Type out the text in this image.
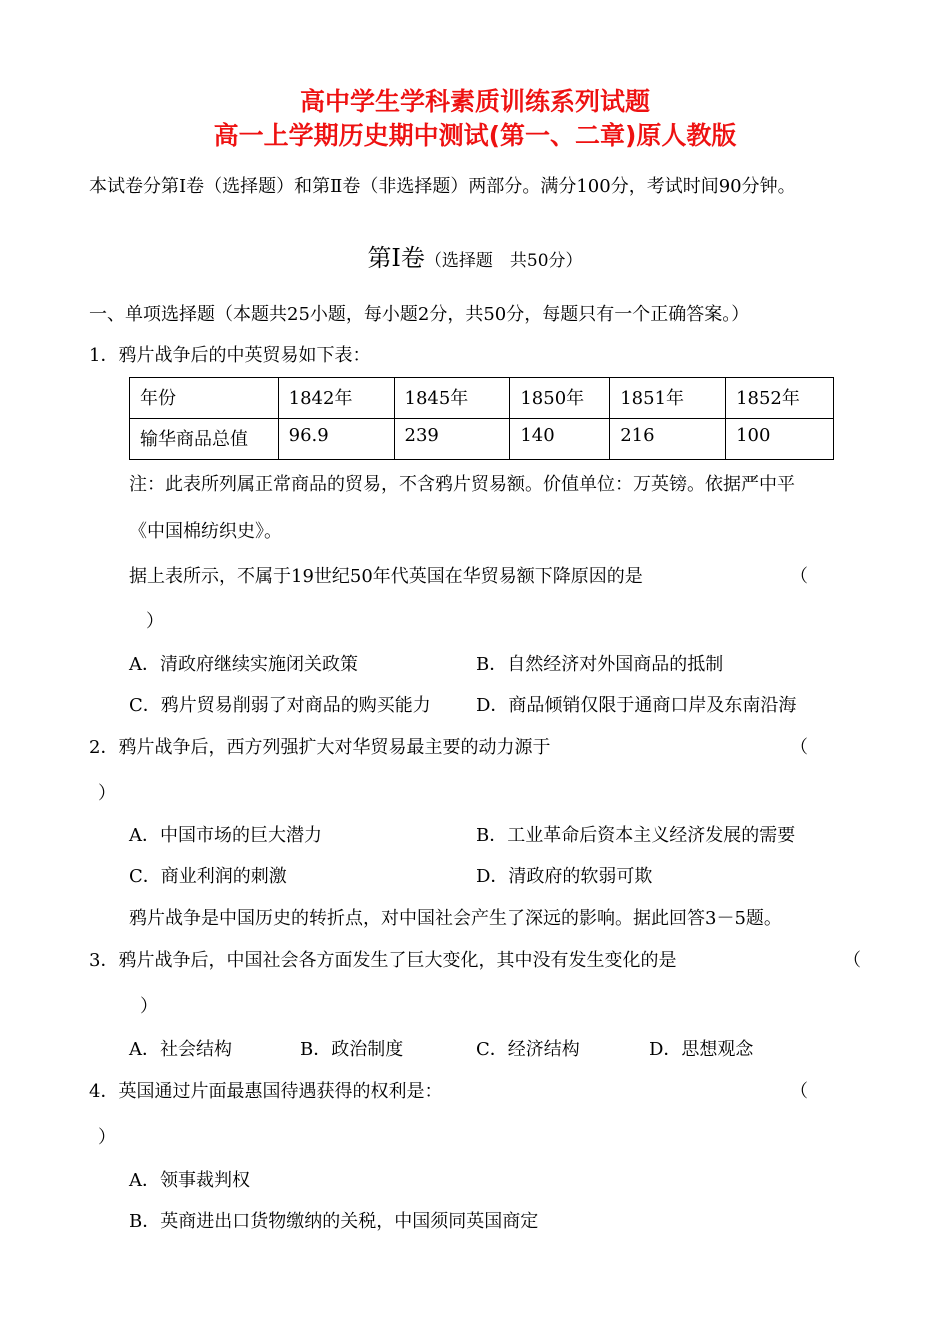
高中学生学科素质训练系列试题
高一上学期历史期中测试(第一、二章)原人教版
本试卷分第Ⅰ卷（选择题）和第Ⅱ卷（非选择题）两部分。满分100分，考试时间90分钟。
第Ⅰ卷（选择题　共50分）
一、单项选择题（本题共25小题，每小题2分，共50分，每题只有一个正确答案。）
1．鸦片战争后的中英贸易如下表：
年份	1842年	1845年	1850年	1851年	1852年
输华商品总值	96.9	239	140	216	100
注：此表所列属正常商品的贸易，不含鸦片贸易额。价值单位：万英镑。依据严中平
《中国棉纺织史》。
据上表所示，不属于19世纪50年代英国在华贸易额下降原因的是	（
）
A．清政府继续实施闭关政策	B．自然经济对外国商品的抵制
C．鸦片贸易削弱了对商品的购买能力	D．商品倾销仅限于通商口岸及东南沿海
2．鸦片战争后，西方列强扩大对华贸易最主要的动力源于	（
）
A．中国市场的巨大潜力	B．工业革命后资本主义经济发展的需要
C．商业利润的刺激	D．清政府的软弱可欺
鸦片战争是中国历史的转折点，对中国社会产生了深远的影响。据此回答3－5题。
3．鸦片战争后，中国社会各方面发生了巨大变化，其中没有发生变化的是	（
）
A．社会结构	B．政治制度	C．经济结构	D．思想观念
4．英国通过片面最惠国待遇获得的权利是：	（
）
A．领事裁判权
B．英商进出口货物缴纳的关税，中国须同英国商定
